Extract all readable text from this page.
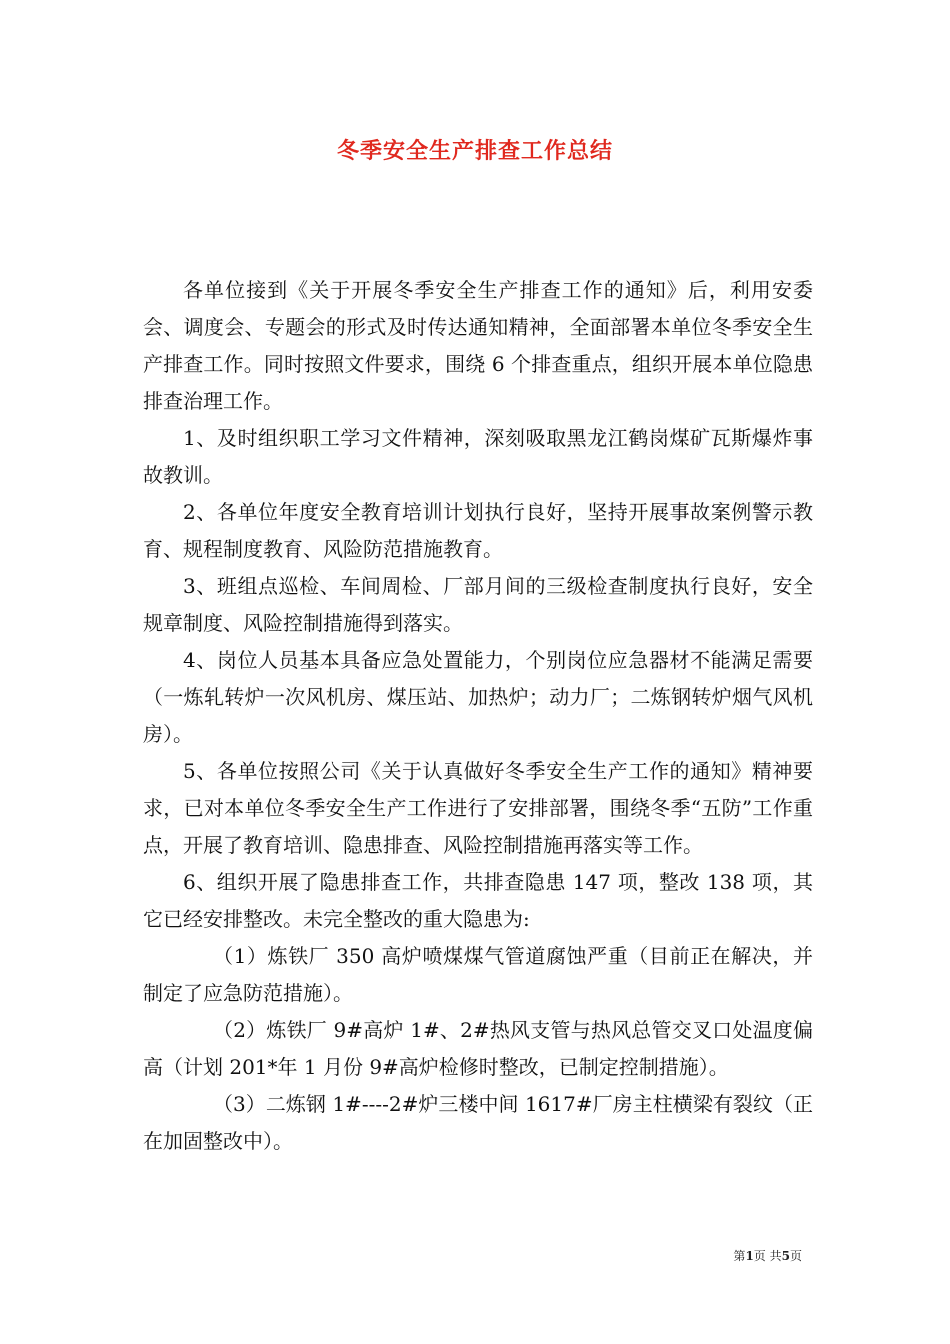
冬季安全生产排查工作总结

各单位接到《关于开展冬季安全生产排查工作的通知》后，利用安委会、调度会、专题会的形式及时传达通知精神，全面部署本单位冬季安全生产排查工作。同时按照文件要求，围绕 6 个排查重点，组织开展本单位隐患排查治理工作。

1、及时组织职工学习文件精神，深刻吸取黑龙江鹤岗煤矿瓦斯爆炸事故教训。

2、各单位年度安全教育培训计划执行良好，坚持开展事故案例警示教育、规程制度教育、风险防范措施教育。

3、班组点巡检、车间周检、厂部月间的三级检查制度执行良好，安全规章制度、风险控制措施得到落实。

4、岗位人员基本具备应急处置能力，个别岗位应急器材不能满足需要（一炼轧转炉一次风机房、煤压站、加热炉；动力厂；二炼钢转炉烟气风机房）。

5、各单位按照公司《关于认真做好冬季安全生产工作的通知》精神要求，已对本单位冬季安全生产工作进行了安排部署，围绕冬季“五防”工作重点，开展了教育培训、隐患排查、风险控制措施再落实等工作。

6、组织开展了隐患排查工作，共排查隐患 147 项，整改 138 项，其它已经安排整改。未完全整改的重大隐患为:

（1）炼铁厂 350 高炉喷煤煤气管道腐蚀严重（目前正在解决，并制定了应急防范措施）。

（2）炼铁厂 9#高炉 1#、2#热风支管与热风总管交叉口处温度偏高（计划 201*年 1 月份 9#高炉检修时整改，已制定控制措施）。

（3）二炼钢 1#----2#炉三楼中间 1617#厂房主柱横梁有裂纹（正在加固整改中）。

第1页 共5页
